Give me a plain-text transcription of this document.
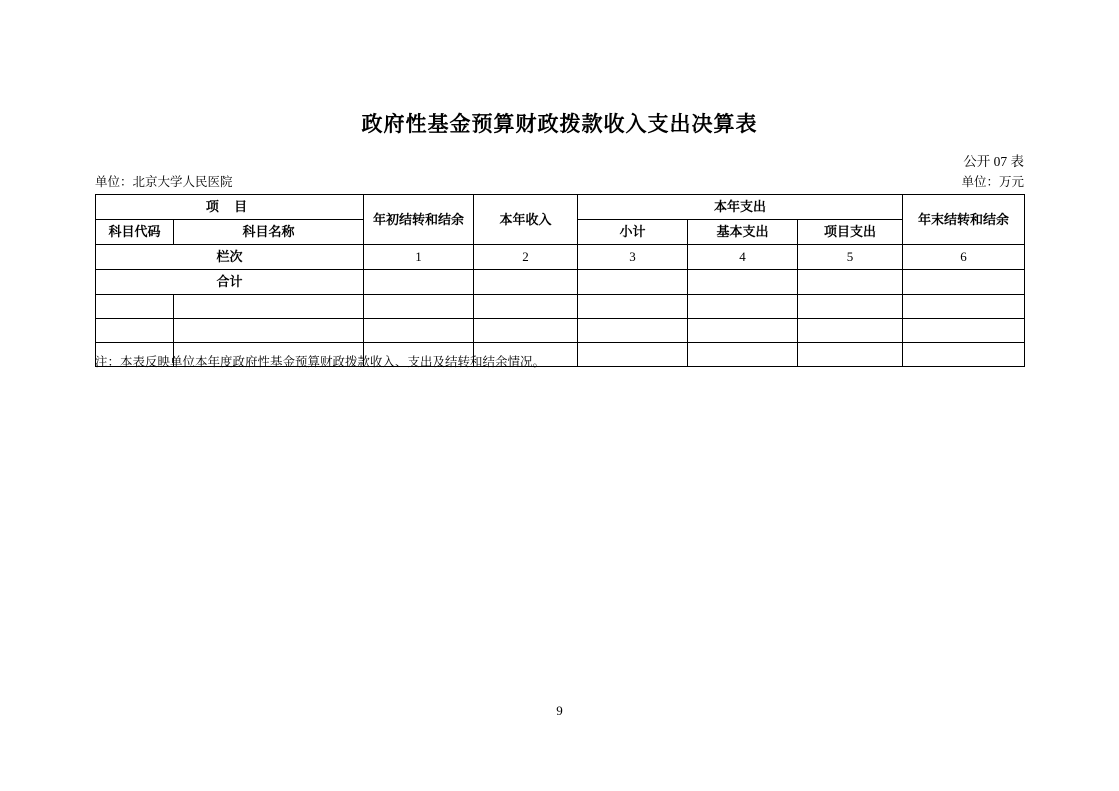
政府性基金预算财政拨款收入支出决算表
公开 07 表
单位：北京大学人民医院	单位：万元
项 目		年初结转和结余	本年收入	本年支出			年末结转和结余
科目代码	科目名称			小计	基本支出	项目支出	
栏次		1	2	3	4	5	6
合计							

注：本表反映单位本年度政府性基金预算财政拨款收入、支出及结转和结余情况。
9
